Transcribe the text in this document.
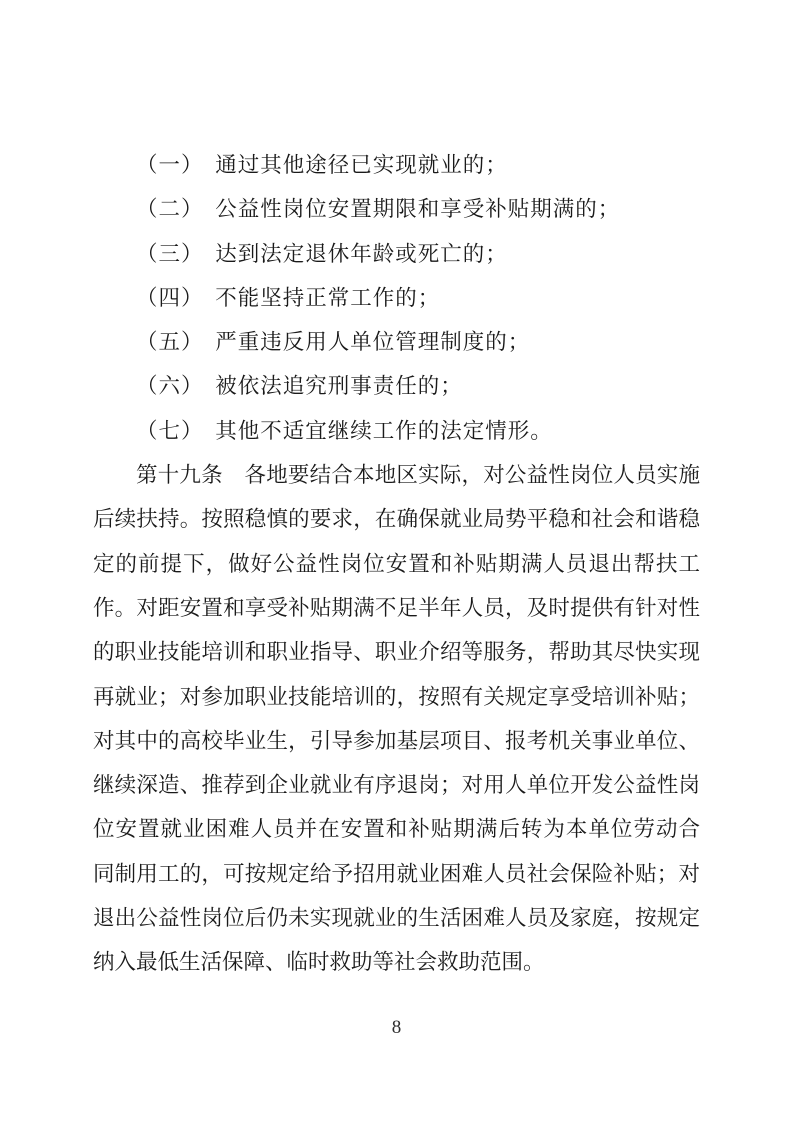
（一）　通过其他途径已实现就业的；
（二）　公益性岗位安置期限和享受补贴期满的；
（三）　达到法定退休年龄或死亡的；
（四）　不能坚持正常工作的；
（五）　严重违反用人单位管理制度的；
（六）　被依法追究刑事责任的；
（七）　其他不适宜继续工作的法定情形。
第十九条　各地要结合本地区实际，对公益性岗位人员实施
后续扶持。按照稳慎的要求，在确保就业局势平稳和社会和谐稳
定的前提下，做好公益性岗位安置和补贴期满人员退出帮扶工
作。对距安置和享受补贴期满不足半年人员，及时提供有针对性
的职业技能培训和职业指导、职业介绍等服务，帮助其尽快实现
再就业；对参加职业技能培训的，按照有关规定享受培训补贴；
对其中的高校毕业生，引导参加基层项目、报考机关事业单位、
继续深造、推荐到企业就业有序退岗；对用人单位开发公益性岗
位安置就业困难人员并在安置和补贴期满后转为本单位劳动合
同制用工的，可按规定给予招用就业困难人员社会保险补贴；对
退出公益性岗位后仍未实现就业的生活困难人员及家庭，按规定
纳入最低生活保障、临时救助等社会救助范围。
8
